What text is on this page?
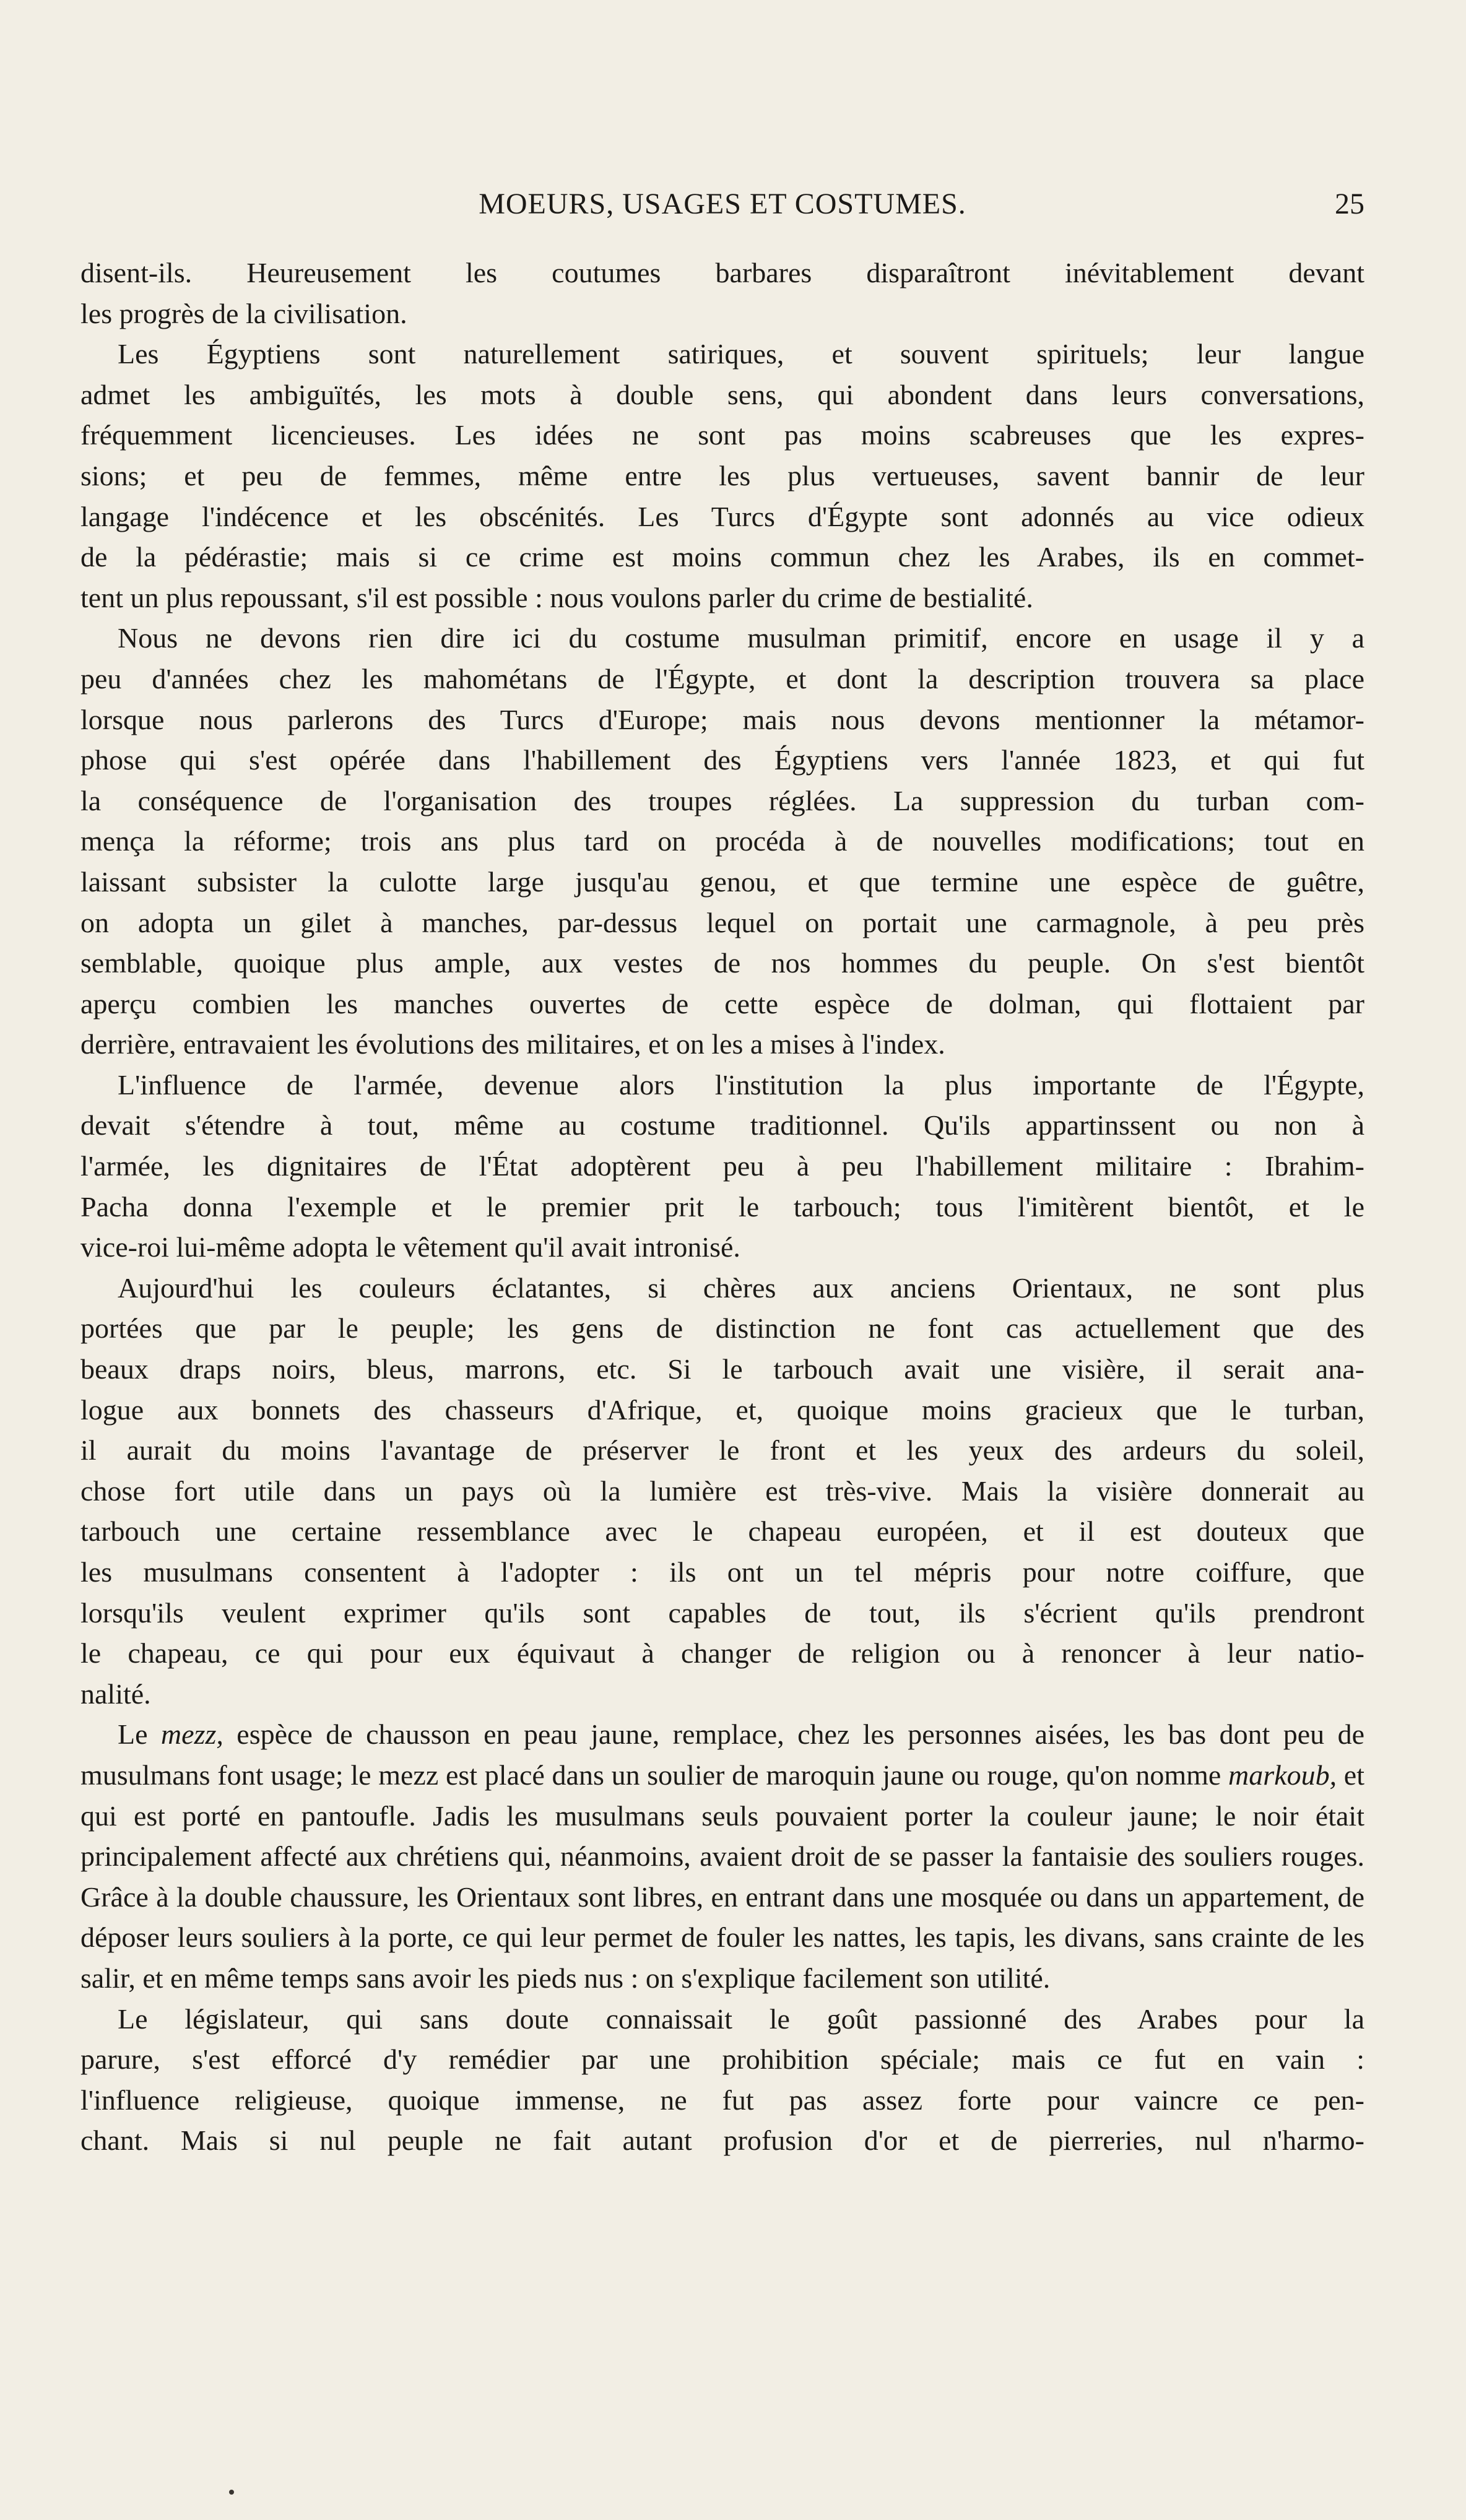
MOEURS, USAGES ET COSTUMES.	25

disent-ils. Heureusement les coutumes barbares disparaîtront inévitablement devant

les progrès de la civilisation.

Les Égyptiens sont naturellement satiriques, et souvent spirituels; leur langue

admet les ambiguïtés, les mots à double sens, qui abondent dans leurs conversations,

fréquemment licencieuses. Les idées ne sont pas moins scabreuses que les expres-

sions; et peu de femmes, même entre les plus vertueuses, savent bannir de leur

langage l'indécence et les obscénités. Les Turcs d'Égypte sont adonnés au vice odieux

de la pédérastie; mais si ce crime est moins commun chez les Arabes, ils en commet-

tent un plus repoussant, s'il est possible : nous voulons parler du crime de bestialité.

Nous ne devons rien dire ici du costume musulman primitif, encore en usage il y a

peu d'années chez les mahométans de l'Égypte, et dont la description trouvera sa place

lorsque nous parlerons des Turcs d'Europe; mais nous devons mentionner la métamor-

phose qui s'est opérée dans l'habillement des Égyptiens vers l'année 1823, et qui fut

la conséquence de l'organisation des troupes réglées. La suppression du turban com-

mença la réforme; trois ans plus tard on procéda à de nouvelles modifications; tout en

laissant subsister la culotte large jusqu'au genou, et que termine une espèce de guêtre,

on adopta un gilet à manches, par-dessus lequel on portait une carmagnole, à peu près

semblable, quoique plus ample, aux vestes de nos hommes du peuple. On s'est bientôt

aperçu combien les manches ouvertes de cette espèce de dolman, qui flottaient par

derrière, entravaient les évolutions des militaires, et on les a mises à l'index.

L'influence de l'armée, devenue alors l'institution la plus importante de l'Égypte,

devait s'étendre à tout, même au costume traditionnel. Qu'ils appartinssent ou non à

l'armée, les dignitaires de l'État adoptèrent peu à peu l'habillement militaire : Ibrahim-

Pacha donna l'exemple et le premier prit le tarbouch; tous l'imitèrent bientôt, et le

vice-roi lui-même adopta le vêtement qu'il avait intronisé.

Aujourd'hui les couleurs éclatantes, si chères aux anciens Orientaux, ne sont plus

portées que par le peuple; les gens de distinction ne font cas actuellement que des

beaux draps noirs, bleus, marrons, etc. Si le tarbouch avait une visière, il serait ana-

logue aux bonnets des chasseurs d'Afrique, et, quoique moins gracieux que le turban,

il aurait du moins l'avantage de préserver le front et les yeux des ardeurs du soleil,

chose fort utile dans un pays où la lumière est très-vive. Mais la visière donnerait au

tarbouch une certaine ressemblance avec le chapeau européen, et il est douteux que

les musulmans consentent à l'adopter : ils ont un tel mépris pour notre coiffure, que

lorsqu'ils veulent exprimer qu'ils sont capables de tout, ils s'écrient qu'ils prendront

le chapeau, ce qui pour eux équivaut à changer de religion ou à renoncer à leur natio-

nalité.

Le mezz, espèce de chausson en peau jaune, remplace, chez les personnes aisées, les bas dont peu de musulmans font usage; le mezz est placé dans un soulier de maroquin jaune ou rouge, qu'on nomme markoub, et qui est porté en pantoufle. Jadis les musulmans seuls pouvaient porter la couleur jaune; le noir était principalement affecté aux chrétiens qui, néanmoins, avaient droit de se passer la fantaisie des souliers rouges. Grâce à la double chaussure, les Orientaux sont libres, en entrant dans une mosquée ou dans un appartement, de déposer leurs souliers à la porte, ce qui leur permet de fouler les nattes, les tapis, les divans, sans crainte de les salir, et en même temps sans avoir les pieds nus : on s'explique facilement son utilité.

Le législateur, qui sans doute connaissait le goût passionné des Arabes pour la

parure, s'est efforcé d'y remédier par une prohibition spéciale; mais ce fut en vain :

l'influence religieuse, quoique immense, ne fut pas assez forte pour vaincre ce pen-

chant. Mais si nul peuple ne fait autant profusion d'or et de pierreries, nul n'harmo-
